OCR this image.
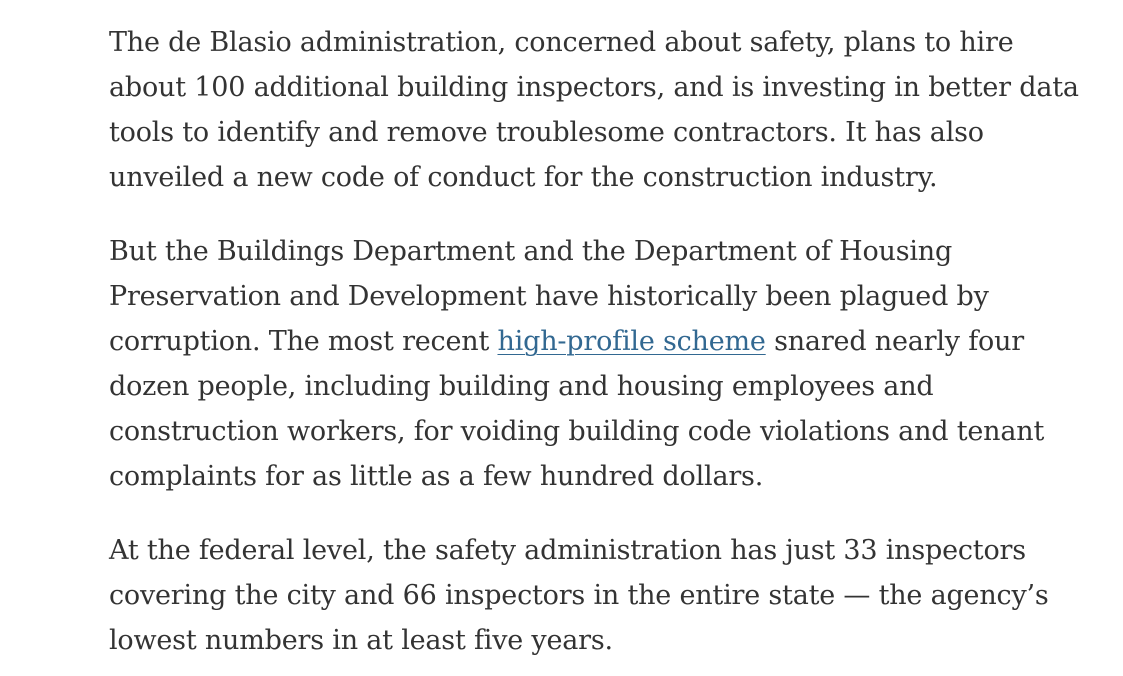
The de Blasio administration, concerned about safety, plans to hire
about 100 additional building inspectors, and is investing in better data
tools to identify and remove troublesome contractors. It has also
unveiled a new code of conduct for the construction industry.

But the Buildings Department and the Department of Housing
Preservation and Development have historically been plagued by
corruption. The most recent high-profile scheme snared nearly four
dozen people, including building and housing employees and
construction workers, for voiding building code violations and tenant
complaints for as little as a few hundred dollars.

At the federal level, the safety administration has just 33 inspectors
covering the city and 66 inspectors in the entire state — the agency’s
lowest numbers in at least five years.
